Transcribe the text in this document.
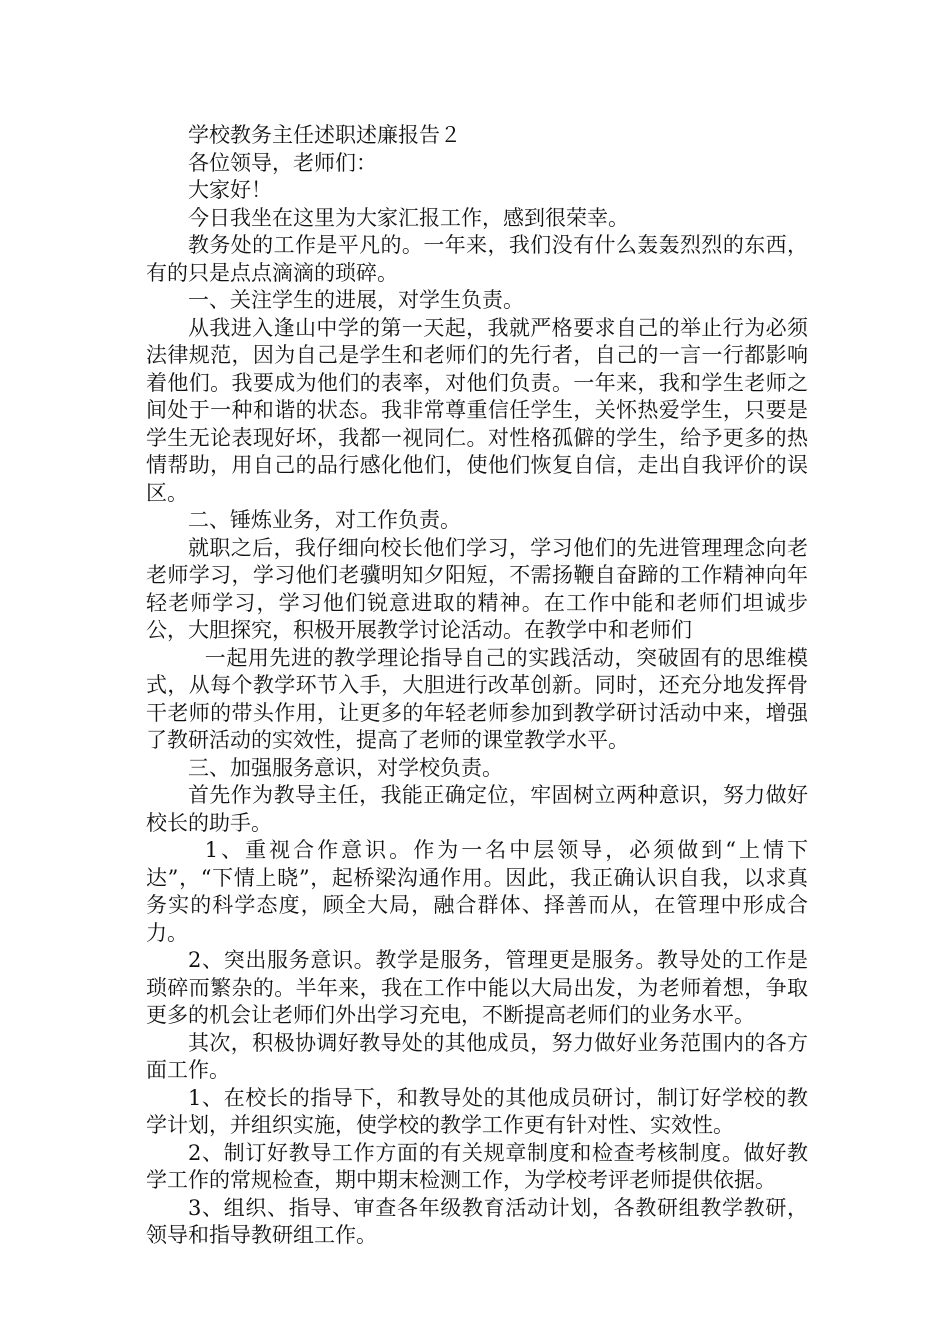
学校教务主任述职述廉报告２

各位领导，老师们：

大家好！

今日我坐在这里为大家汇报工作，感到很荣幸。

教务处的工作是平凡的。一年来，我们没有什么轰轰烈烈的东西，有的只是点点滴滴的琐碎。

一、关注学生的进展，对学生负责。

从我进入逢山中学的第一天起，我就严格要求自己的举止行为必须法律规范，因为自己是学生和老师们的先行者，自己的一言一行都影响着他们。我要成为他们的表率，对他们负责。一年来，我和学生老师之间处于一种和谐的状态。我非常尊重信任学生，关怀热爱学生，只要是学生无论表现好坏，我都一视同仁。对性格孤僻的学生，给予更多的热情帮助，用自己的品行感化他们，使他们恢复自信，走出自我评价的误区。

二、锤炼业务，对工作负责。

就职之后，我仔细向校长他们学习，学习他们的先进管理理念向老老师学习，学习他们老骥明知夕阳短，不需扬鞭自奋蹄的工作精神向年轻老师学习，学习他们锐意进取的精神。在工作中能和老师们坦诚步公，大胆探究，积极开展教学讨论活动。在教学中和老师们

一起用先进的教学理论指导自己的实践活动，突破固有的思维模式，从每个教学环节入手，大胆进行改革创新。同时，还充分地发挥骨干老师的带头作用，让更多的年轻老师参加到教学研讨活动中来，增强了教研活动的实效性，提高了老师的课堂教学水平。

三、加强服务意识，对学校负责。

首先作为教导主任，我能正确定位，牢固树立两种意识，努力做好校长的助手。

1、重视合作意识。作为一名中层领导，必须做到“上情下达”，“下情上晓”，起桥梁沟通作用。因此，我正确认识自我，以求真务实的科学态度，顾全大局，融合群体、择善而从，在管理中形成合力。

2、突出服务意识。教学是服务，管理更是服务。教导处的工作是琐碎而繁杂的。半年来，我在工作中能以大局出发，为老师着想，争取更多的机会让老师们外出学习充电，不断提高老师们的业务水平。

其次，积极协调好教导处的其他成员，努力做好业务范围内的各方面工作。

1、在校长的指导下，和教导处的其他成员研讨，制订好学校的教学计划，并组织实施，使学校的教学工作更有针对性、实效性。

2、制订好教导工作方面的有关规章制度和检查考核制度。做好教学工作的常规检查，期中期末检测工作，为学校考评老师提供依据。

3、组织、指导、审查各年级教育活动计划，各教研组教学教研，领导和指导教研组工作。
